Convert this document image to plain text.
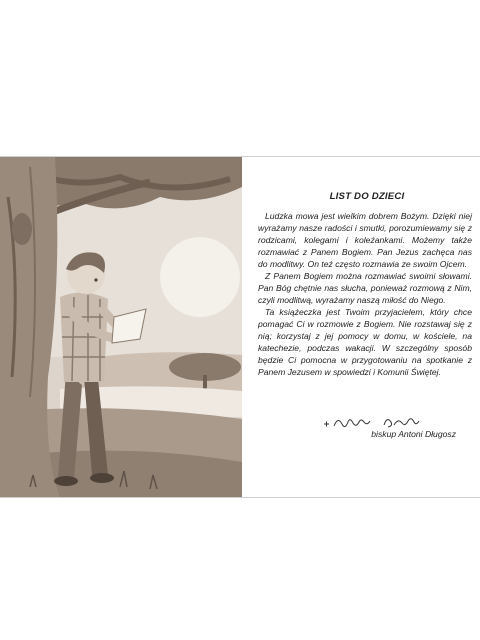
LIST DO DZIECI

Ludzka mowa jest wielkim dobrem Bożym. Dzięki niej wyrażamy nasze radości i smutki, porozumiewamy się z rodzicami, kolegami i koleżankami. Możemy także rozmawiać z Panem Bogiem. Pan Jezus zachęca nas do modlitwy. On też często rozmawia ze swoim Ojcem.

Z Panem Bogiem można rozmawiać swoimi słowami. Pan Bóg chętnie nas słucha, ponieważ rozmową z Nim, czyli modlitwą, wyrażamy naszą miłość do Niego.

Ta książeczka jest Twoim przyjacielem, który chce pomagać Ci w rozmowie z Bogiem. Nie rozstawaj się z nią; korzystaj z jej pomocy w domu, w kościele, na katechezie, podczas wakacji. W szczególny sposób będzie Ci pomocna w przygotowaniu na spotkanie z Panem Jezusem w spowiedzi i Komunii Świętej.

biskup Antoni Długosz
